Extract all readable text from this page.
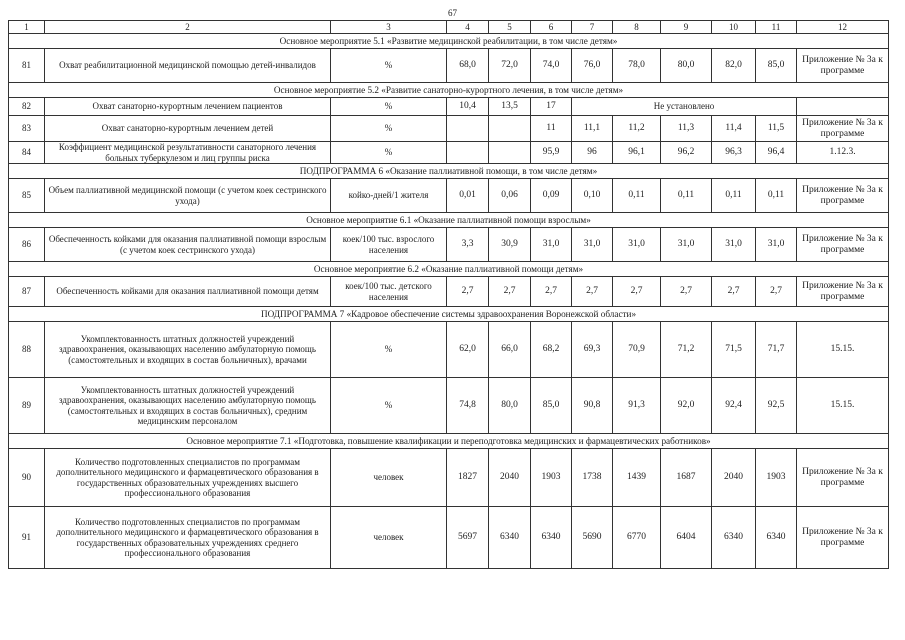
67
1	2	3	4	5	6	7	8	9	10	11	12
Основное мероприятие 5.1 «Развитие медицинской реабилитации, в том числе детям»											
81	Охват реабилитационной медицинской помощью детей-инвалидов	%	68,0	72,0	74,0	76,0	78,0	80,0	82,0	85,0	Приложение № 3а к программе
Основное мероприятие 5.2 «Развитие санаторно-курортного лечения, в том числе детям»											
82	Охват санаторно-курортным лечением пациентов	%	10,4	13,5	17	Не установлено					
83	Охват санаторно-курортным лечением детей	%			11	11,1	11,2	11,3	11,4	11,5	Приложение № 3а к программе
84	Коэффициент медицинской результативности санаторного лечения больных туберкулезом и лиц группы риска	%			95,9	96	96,1	96,2	96,3	96,4	1.12.3.
ПОДПРОГРАММА 6 «Оказание паллиативной помощи, в том числе детям»											
85	Объем паллиативной медицинской помощи (с учетом коек сестринского ухода)	койко-дней/1 жителя	0,01	0,06	0,09	0,10	0,11	0,11	0,11	0,11	Приложение № 3а к программе
Основное мероприятие 6.1 «Оказание паллиативной помощи взрослым»											
86	Обеспеченность койками для оказания паллиативной помощи взрослым (с учетом коек сестринского ухода)	коек/100 тыс. взрослого населения	3,3	30,9	31,0	31,0	31,0	31,0	31,0	31,0	Приложение № 3а к программе
Основное мероприятие 6.2 «Оказание паллиативной помощи детям»											
87	Обеспеченность койками для оказания паллиативной помощи детям	коек/100 тыс. детского населения	2,7	2,7	2,7	2,7	2,7	2,7	2,7	2,7	Приложение № 3а к программе
ПОДПРОГРАММА 7 «Кадровое обеспечение системы здравоохранения Воронежской области»											
88	Укомплектованность штатных должностей учреждений здравоохранения, оказывающих населению амбулаторную помощь (самостоятельных и входящих в состав больничных), врачами	%	62,0	66,0	68,2	69,3	70,9	71,2	71,5	71,7	15.15.
89	Укомплектованность штатных должностей учреждений здравоохранения, оказывающих населению амбулаторную помощь (самостоятельных и входящих в состав больничных), средним медицинским персоналом	%	74,8	80,0	85,0	90,8	91,3	92,0	92,4	92,5	15.15.
Основное мероприятие 7.1 «Подготовка, повышение квалификации и переподготовка медицинских и фармацевтических работников»											
90	Количество подготовленных специалистов по программам дополнительного медицинского и фармацевтического образования в государственных образовательных учреждениях высшего профессионального образования	человек	1827	2040	1903	1738	1439	1687	2040	1903	Приложение № 3а к программе
91	Количество подготовленных специалистов по программам дополнительного медицинского и фармацевтического образования в государственных образовательных учреждениях среднего профессионального образования	человек	5697	6340	6340	5690	6770	6404	6340	6340	Приложение № 3а к программе
